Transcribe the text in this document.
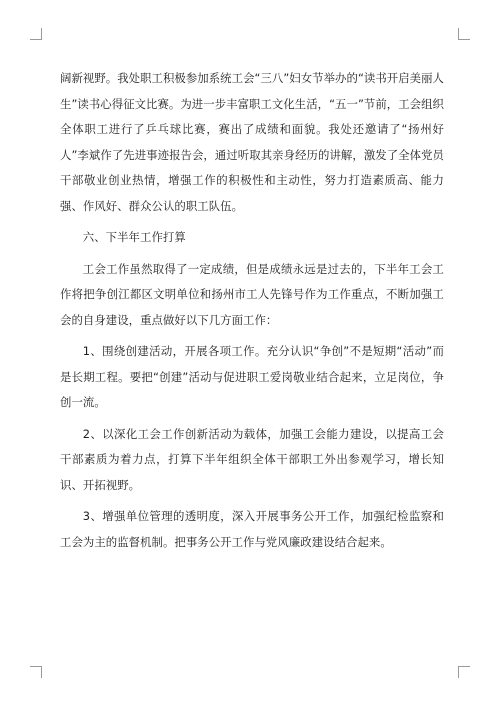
阔新视野。我处职工积极参加系统工会“三八”妇女节举办的“读书开启美丽人生”读书心得征文比赛。为进一步丰富职工文化生活，“五一”节前，工会组织全体职工进行了乒乓球比赛，赛出了成绩和面貌。我处还邀请了“扬州好人”李斌作了先进事迹报告会，通过听取其亲身经历的讲解，激发了全体党员干部敬业创业热情，增强工作的积极性和主动性，努力打造素质高、能力强、作风好、群众公认的职工队伍。

六、下半年工作打算

工会工作虽然取得了一定成绩，但是成绩永远是过去的，下半年工会工作将把争创江都区文明单位和扬州市工人先锋号作为工作重点，不断加强工会的自身建设，重点做好以下几方面工作：

1、围绕创建活动，开展各项工作。充分认识“争创”不是短期“活动”而是长期工程。要把“创建”活动与促进职工爱岗敬业结合起来，立足岗位，争创一流。

2、以深化工会工作创新活动为载体，加强工会能力建设，以提高工会干部素质为着力点，打算下半年组织全体干部职工外出参观学习，增长知识、开拓视野。

3、增强单位管理的透明度，深入开展事务公开工作，加强纪检监察和工会为主的监督机制。把事务公开工作与党风廉政建设结合起来。
